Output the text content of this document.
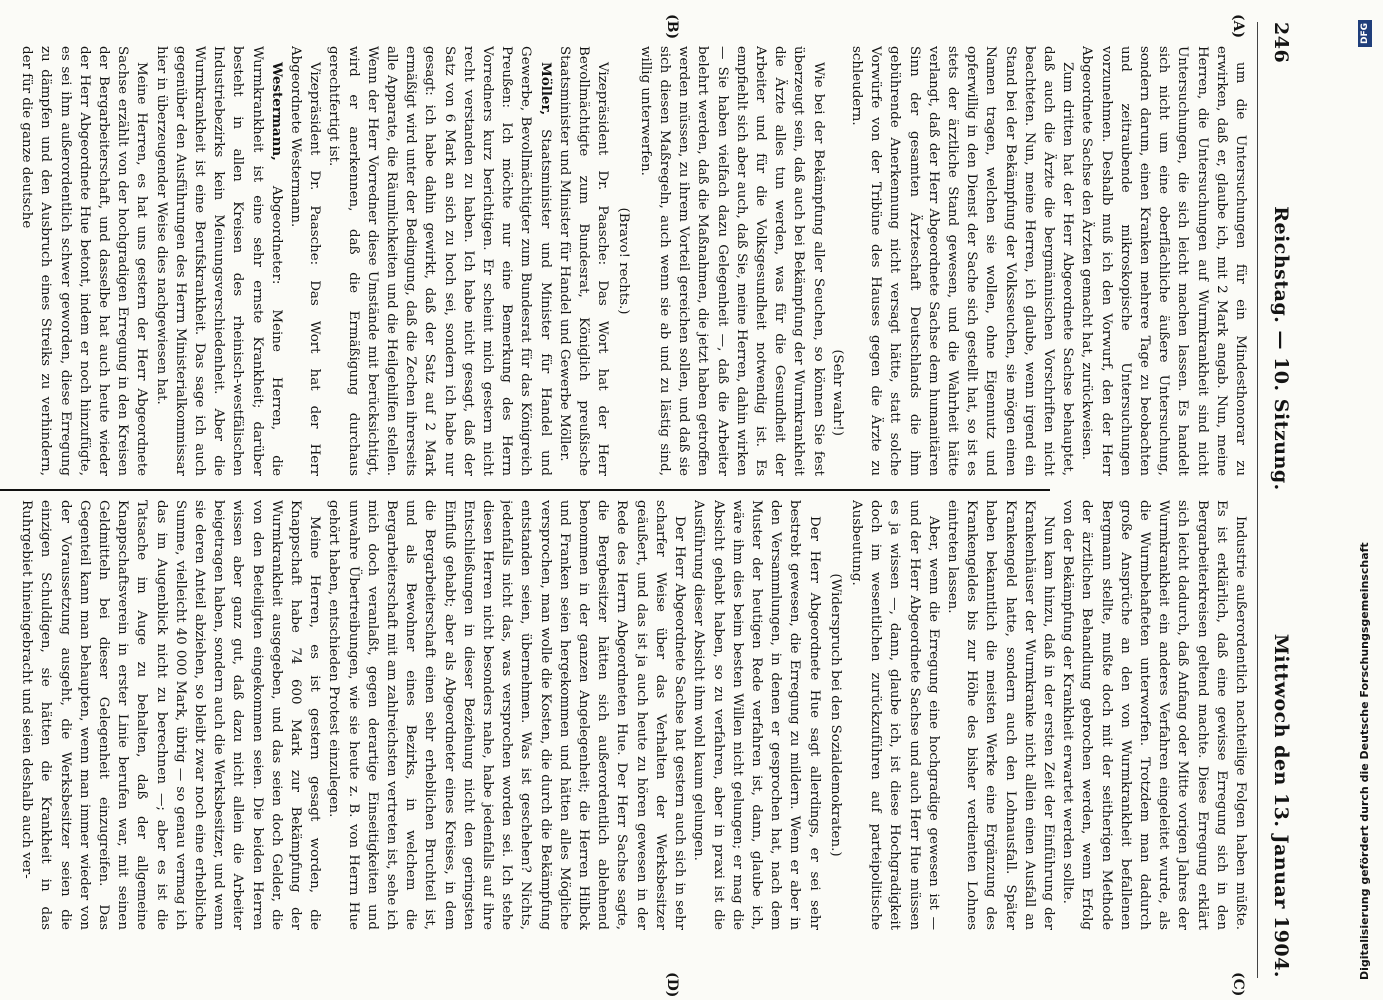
246
Reichstag. — 10. Sitzung.
Mittwoch den 13. Januar 1904.
(A)
(B)
(C)
(D)

um die Untersuchungen für ein Mindesthonorar zu erwirken, daß er, glaube ich, mit 2 Mark angab. Nun, meine Herren, die Untersuchungen auf Wurmkrankheit sind nicht Untersuchungen, die sich leicht machen lassen. Es handelt sich nicht um eine oberflächliche äußere Untersuchung, sondern darum, einen Kranken mehrere Tage zu beobachten und zeitraubende mikroskopische Untersuchungen vorzunehmen. Deshalb muß ich den Vorwurf, den der Herr Abgeordnete Sachse den Ärzten gemacht hat, zurückweisen.

Zum dritten hat der Herr Abgeordnete Sachse behauptet, daß auch die Ärzte die bergmännischen Vorschriften nicht beachteten. Nun, meine Herren, ich glaube, wenn irgend ein Stand bei der Bekämpfung der Volksseuchen, sie mögen einen Namen tragen, welchen sie wollen, ohne Eigennutz und opferwillig in den Dienst der Sache sich gestellt hat, so ist es stets der ärztliche Stand gewesen, und die Wahrheit hätte verlangt, daß der Herr Abgeordnete Sachse dem humanitären Sinn der gesamten Ärzteschaft Deutschlands die ihm gebührende Anerkennung nicht versagt hätte, statt solche Vorwürfe von der Tribüne des Hauses gegen die Ärzte zu schleudern.

(Sehr wahr!)

Wie bei der Bekämpfung aller Seuchen, so können Sie fest überzeugt sein, daß auch bei Bekämpfung der Wurmkrankheit die Ärzte alles tun werden, was für die Gesundheit der Arbeiter und für die Volksgesundheit notwendig ist. Es empfiehlt sich aber auch, daß Sie, meine Herren, dahin wirken — Sie haben vielfach dazu Gelegenheit —, daß die Arbeiter belehrt werden, daß die Maßnahmen, die jetzt haben getroffen werden müssen, zu ihrem Vorteil gereichen sollen, und daß sie sich diesen Maßregeln, auch wenn sie ab und zu lästig sind, willig unterwerfen.

(Bravo! rechts.)

Vizepräsident Dr. Paasche: Das Wort hat der Herr Bevollmächtigte zum Bundesrat, Königlich preußische Staatsminister und Minister für Handel und Gewerbe Möller.

Möller, Staatsminister und Minister für Handel und Gewerbe, Bevollmächtigter zum Bundesrat für das Königreich Preußen: Ich möchte nur eine Bemerkung des Herrn Vorredners kurz berichtigen. Er scheint mich gestern nicht recht verstanden zu haben. Ich habe nicht gesagt, daß der Satz von 6 Mark an sich zu hoch sei, sondern ich habe nur gesagt: ich habe dahin gewirkt, daß der Satz auf 2 Mark ermäßigt wird unter der Bedingung, daß die Zechen ihrerseits alle Apparate, die Räumlichkeiten und die Heilgehilfen stellen. Wenn der Herr Vorredner diese Umstände mit berücksichtigt, wird er anerkennen, daß die Ermäßigung durchaus gerechtfertigt ist.

Vizepräsident Dr. Paasche: Das Wort hat der Herr Abgeordnete Westermann.

Westermann, Abgeordneter: Meine Herren, die Wurmkrankheit ist eine sehr ernste Krankheit; darüber besteht in allen Kreisen des rheinisch-westfälischen Industriebezirks kein Meinungsverschiedenheit. Aber die Wurmkrankheit ist eine Berufskrankheit. Das sage ich auch gegenüber den Ausführungen des Herrn Ministerialkommissar hier in überzeugender Weise dies nachgewiesen hat.

Meine Herren, es hat uns gestern der Herr Abgeordnete Sachse erzählt von der hochgradigen Erregung in den Kreisen der Bergarbeiterschaft, und dasselbe hat auch heute wieder der Herr Abgeordnete Hue betont, indem er noch hinzufügte, es sei ihm außerordentlich schwer geworden, diese Erregung zu dämpfen und den Ausbruch eines Streiks zu verhindern, der für die ganze deutsche

Industrie außerordentlich nachteilige Folgen haben müßte. Es ist erklärlich, daß eine gewisse Erregung sich in den Bergarbeiterkreisen geltend machte. Diese Erregung erklärt sich leicht dadurch, daß Anfang oder Mitte vorigen Jahres der Wurmkrankheit ein anderes Verfahren eingeleitet wurde, als die Wurmbehafteten unterworfen. Trotzdem man dadurch große Ansprüche an den von Wurmkrankheit befallenen Bergmann stellte, mußte doch mit der seitherigen Methode der ärztlichen Behandlung gebrochen werden, wenn Erfolg von der Bekämpfung der Krankheit erwartet werden sollte.

Nun kam hinzu, daß in der ersten Zeit der Einführung der Krankenhäuser der Wurmkranke nicht allein einen Ausfall an Krankengeld hatte, sondern auch den Lohnausfall. Später haben bekanntlich die meisten Werke eine Ergänzung des Krankengeldes bis zur Höhe des bisher verdienten Lohnes eintreten lassen.

Aber, wenn die Erregung eine hochgradige gewesen ist — und der Herr Abgeordnete Sachse und auch Herr Hue müssen es ja wissen —, dann, glaube ich, ist diese Hochgradigkeit doch im wesentlichen zurückzuführen auf parteipolitische Ausbeutung.

(Widerspruch bei den Sozialdemokraten.)

Der Herr Abgeordnete Hue sagt allerdings, er sei sehr bestrebt gewesen, die Erregung zu mildern. Wenn er aber in den Versammlungen, in denen er gesprochen hat, nach dem Muster der heutigen Rede verfahren ist, dann, glaube ich, wäre ihm dies beim besten Willen nicht gelungen; er mag die Absicht gehabt haben, so zu verfahren, aber in praxi ist die Ausführung dieser Absicht ihm wohl kaum gelungen.

Der Herr Abgeordnete Sachse hat gestern auch sich in sehr scharfer Weise über das Verhalten der Werksbesitzer geäußert, und das ist ja auch heute zu hören gewesen in der Rede des Herrn Abgeordneten Hue. Der Herr Sachse sagte, die Bergbesitzer hätten sich außerordentlich ablehnend benommen in der ganzen Angelegenheit; die Herren Hilbck und Franken seien hergekommen und hätten alles Mögliche versprochen, man wolle die Kosten, die durch die Bekämpfung entstanden seien, übernehmen. Was ist geschehen? Nichts, jedenfalls nicht das, was versprochen worden sei. Ich stehe diesen Herren nicht besonders nahe, habe jedenfalls auf ihre Entschließungen in dieser Beziehung nicht den geringsten Einfluß gehabt; aber als Abgeordneter eines Kreises, in dem die Bergarbeiterschaft einen sehr erheblichen Bruchteil ist, und als Bewohner eines Bezirks, in welchem die Bergarbeiterschaft mit am zahlreichsten vertreten ist, sehe ich mich doch veranlaßt, gegen derartige Einseitigkeiten und unwahre Übertreibungen, wie sie heute z. B. von Herrn Hue gehört haben, entschieden Protest einzulegen.

Meine Herren, es ist gestern gesagt worden, die Knappschaft habe 74 600 Mark zur Bekämpfung der Wurmkrankheit ausgegeben, und das seien doch Gelder, die von den Beteiligten eingekommen seien. Die beiden Herren wissen aber ganz gut, daß dazu nicht allein die Arbeiter beigetragen haben, sondern auch die Werksbesitzer, und wenn sie deren Anteil abziehen, so bleibt zwar noch eine erhebliche Summe, vielleicht 40 000 Mark, übrig — so genau vermag ich das im Augenblick nicht zu berechnen —; aber es ist die Tatsache im Auge zu behalten, daß der allgemeine Knappschaftsverein in erster Linie berufen war, mit seinen Geldmitteln bei dieser Gelegenheit einzugreifen. Das Gegenteil kann man behaupten, wenn man immer wieder von der Voraussetzung ausgeht, die Werksbesitzer seien die einzigen Schuldigen, sie hätten die Krankheit in das Ruhrgebiet hineingebracht und seien deshalb auch ver-	Digitalisierung gefördert durch die Deutsche Forschungsgemeinschaft
DFG
